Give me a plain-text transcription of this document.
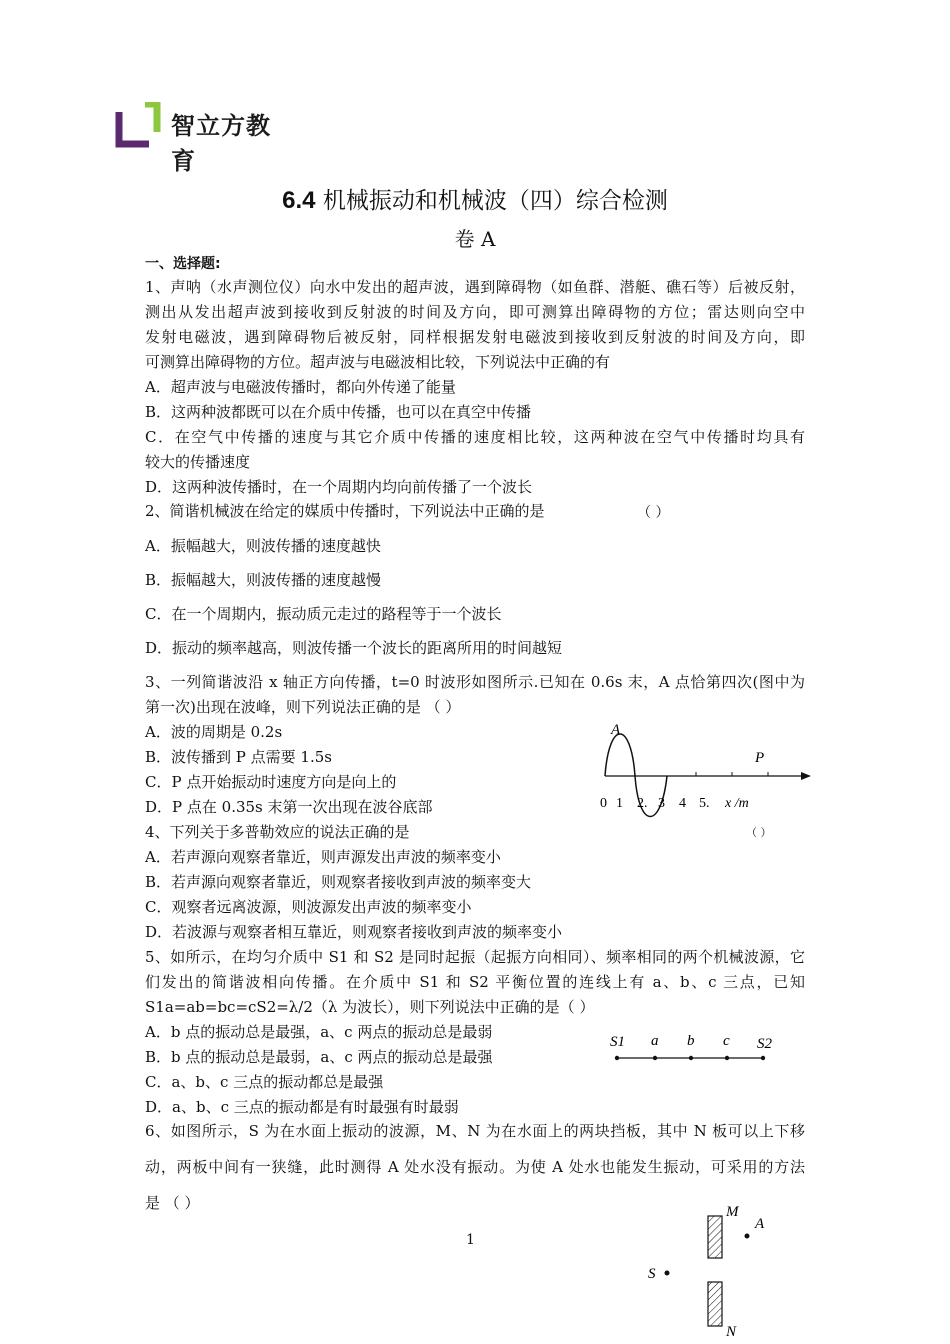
智立方教育
6.4 机械振动和机械波（四）综合检测
卷 A
一、选择题:
1、声呐（水声测位仪）向水中发出的超声波，遇到障碍物（如鱼群、潜艇、礁石等）后被反射，
测出从发出超声波到接收到反射波的时间及方向，即可测算出障碍物的方位；雷达则向空中
发射电磁波，遇到障碍物后被反射，同样根据发射电磁波到接收到反射波的时间及方向，即
可测算出障碍物的方位。超声波与电磁波相比较，下列说法中正确的有
A．超声波与电磁波传播时，都向外传递了能量
B．这两种波都既可以在介质中传播，也可以在真空中传播
C．在空气中传播的速度与其它介质中传播的速度相比较，这两种波在空气中传播时均具有
较大的传播速度
D．这两种波传播时，在一个周期内均向前传播了一个波长
2、简谐机械波在给定的媒质中传播时，下列说法中正确的是	（ ）
A．振幅越大，则波传播的速度越快
B．振幅越大，则波传播的速度越慢
C．在一个周期内，振动质元走过的路程等于一个波长
D．振动的频率越高，则波传播一个波长的距离所用的时间越短
3、一列简谐波沿 x 轴正方向传播，t=0 时波形如图所示.已知在 0.6s 末，A 点恰第四次(图中为
第一次)出现在波峰，则下列说法正确的是 （ ）
A．波的周期是 0.2s
B．波传播到 P 点需要 1.5s
C．P 点开始振动时速度方向是向上的
D．P 点在 0.35s 末第一次出现在波谷底部
A
P
0 1 2. 3 4 5. x /m
4、下列关于多普勒效应的说法正确的是	（ ）
A．若声源向观察者靠近，则声源发出声波的频率变小
B．若声源向观察者靠近，则观察者接收到声波的频率变大
C．观察者远离波源，则波源发出声波的频率变小
D．若波源与观察者相互靠近，则观察者接收到声波的频率变小
5、如所示，在均匀介质中 S1 和 S2 是同时起振（起振方向相同）、频率相同的两个机械波源，它
们发出的简谐波相向传播。在介质中 S1 和 S2 平衡位置的连线上有 a、b、c 三点，已知
S1a=ab=bc=cS2=λ/2（λ 为波长），则下列说法中正确的是（ ）
A．b 点的振动总是最强，a、c 两点的振动总是最弱
B．b 点的振动总是最弱，a、c 两点的振动总是最强
C．a、b、c 三点的振动都总是最强
D．a、b、c 三点的振动都是有时最强有时最弱
S1 a b c S2
6、如图所示，S 为在水面上振动的波源，M、N 为在水面上的两块挡板，其中 N 板可以上下移
动，两板中间有一狭缝，此时测得 A 处水没有振动。为使 A 处水也能发生振动，可采用的方法
是 （ ）	M
A
S
N
1
